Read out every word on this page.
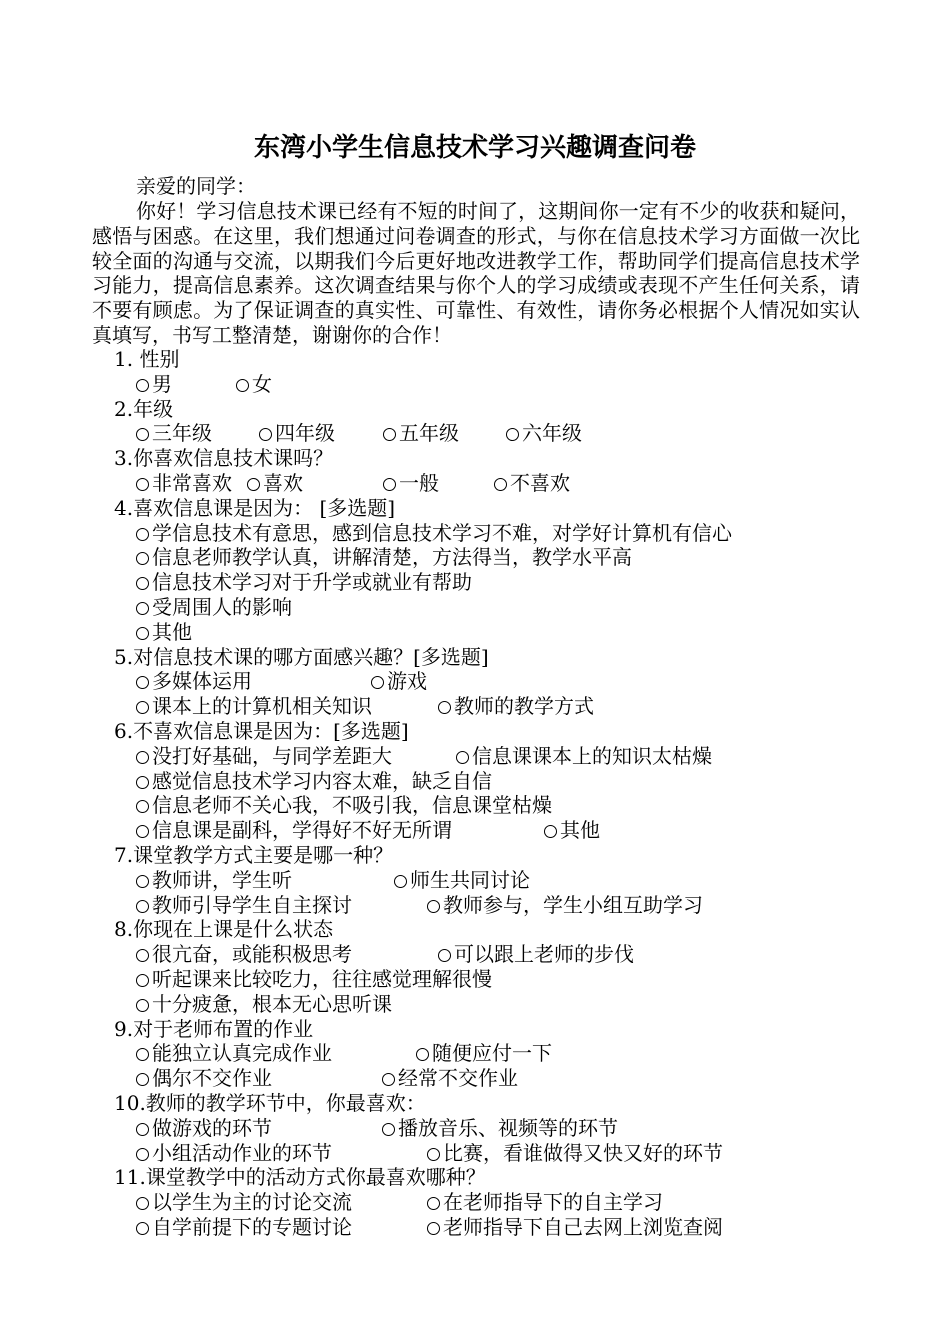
东湾小学生信息技术学习兴趣调查问卷
亲爱的同学：
你好！学习信息技术课已经有不短的时间了，这期间你一定有不少的收获和疑问，感悟与困惑。在这里，我们想通过问卷调查的形式，与你在信息技术学习方面做一次比较全面的沟通与交流，以期我们今后更好地改进教学工作，帮助同学们提高信息技术学习能力，提高信息素养。这次调查结果与你个人的学习成绩或表现不产生任何关系，请不要有顾虑。为了保证调查的真实性、可靠性、有效性，请你务必根据个人情况如实认真填写，书写工整清楚，谢谢你的合作！
1. 性别
男	女
2.年级
三年级	四年级	五年级	六年级
3.你喜欢信息技术课吗？
非常喜欢	喜欢	一般	不喜欢
4.喜欢信息课是因为： [多选题]
学信息技术有意思，感到信息技术学习不难，对学好计算机有信心
信息老师教学认真，讲解清楚，方法得当，教学水平高
信息技术学习对于升学或就业有帮助
受周围人的影响
其他
5.对信息技术课的哪方面感兴趣？[多选题]
多媒体运用	游戏
课本上的计算机相关知识	教师的教学方式
6.不喜欢信息课是因为：[多选题]
没打好基础，与同学差距大	信息课课本上的知识太枯燥
感觉信息技术学习内容太难，缺乏自信
信息老师不关心我，不吸引我，信息课堂枯燥
信息课是副科，学得好不好无所谓	其他
7.课堂教学方式主要是哪一种？
教师讲，学生听	师生共同讨论
教师引导学生自主探讨	教师参与，学生小组互助学习
8.你现在上课是什么状态
很亢奋，或能积极思考	可以跟上老师的步伐
听起课来比较吃力，往往感觉理解很慢
十分疲惫，根本无心思听课
9.对于老师布置的作业
能独立认真完成作业	随便应付一下
偶尔不交作业	经常不交作业
10.教师的教学环节中，你最喜欢：
做游戏的环节	播放音乐、视频等的环节
小组活动作业的环节	比赛，看谁做得又快又好的环节
11.课堂教学中的活动方式你最喜欢哪种？
以学生为主的讨论交流	在老师指导下的自主学习
自学前提下的专题讨论	老师指导下自己去网上浏览查阅
